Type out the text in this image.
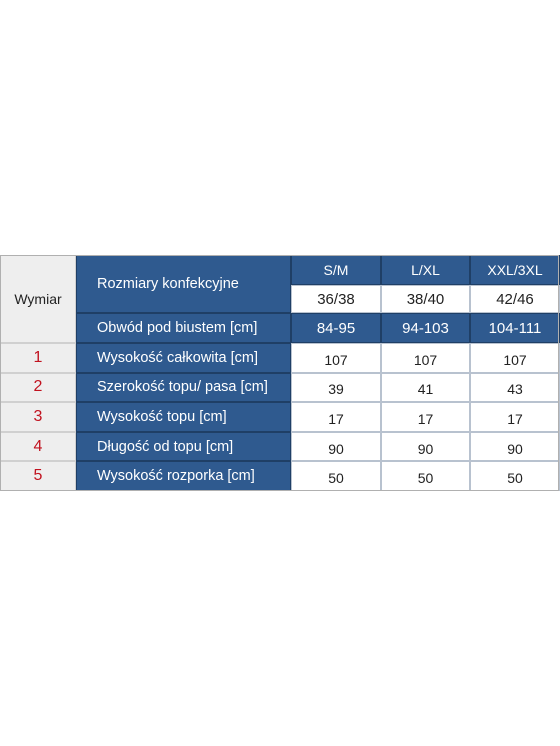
Wymiar
Rozmiary konfekcyjne
S/M	L/XL	XXL/3XL
36/38	38/40	42/46
Obwód pod biustem [cm]	84-95	94-103	104-111
1	Wysokość całkowita [cm]	107	107	107
2	Szerokość topu/ pasa [cm]	39	41	43
3	Wysokość topu [cm]	17	17	17
4	Długość od topu [cm]	90	90	90
5	Wysokość rozporka [cm]	50	50	50
